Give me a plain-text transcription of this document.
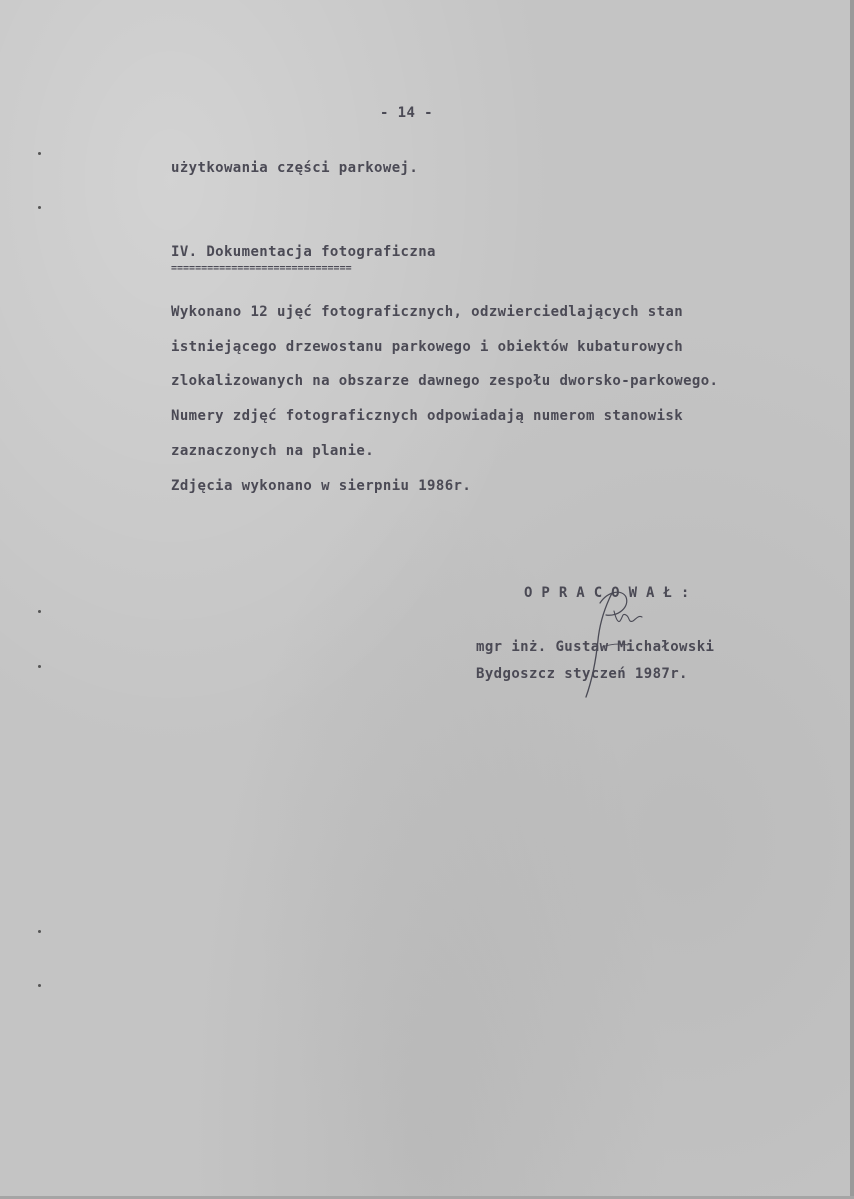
- 14 -
użytkowania części parkowej.
IV. Dokumentacja fotograficzna
==============================
Wykonano 12 ujęć fotograficznych, odzwierciedlających stan
istniejącego drzewostanu parkowego i obiektów kubaturowych
zlokalizowanych na obszarze dawnego zespołu dworsko-parkowego.
Numery zdjęć fotograficznych odpowiadają numerom stanowisk
zaznaczonych na planie.
Zdjęcia wykonano w sierpniu 1986r.
OPRACOWAŁ:
mgr inż. Gustaw Michałowski
Bydgoszcz styczeń 1987r.
